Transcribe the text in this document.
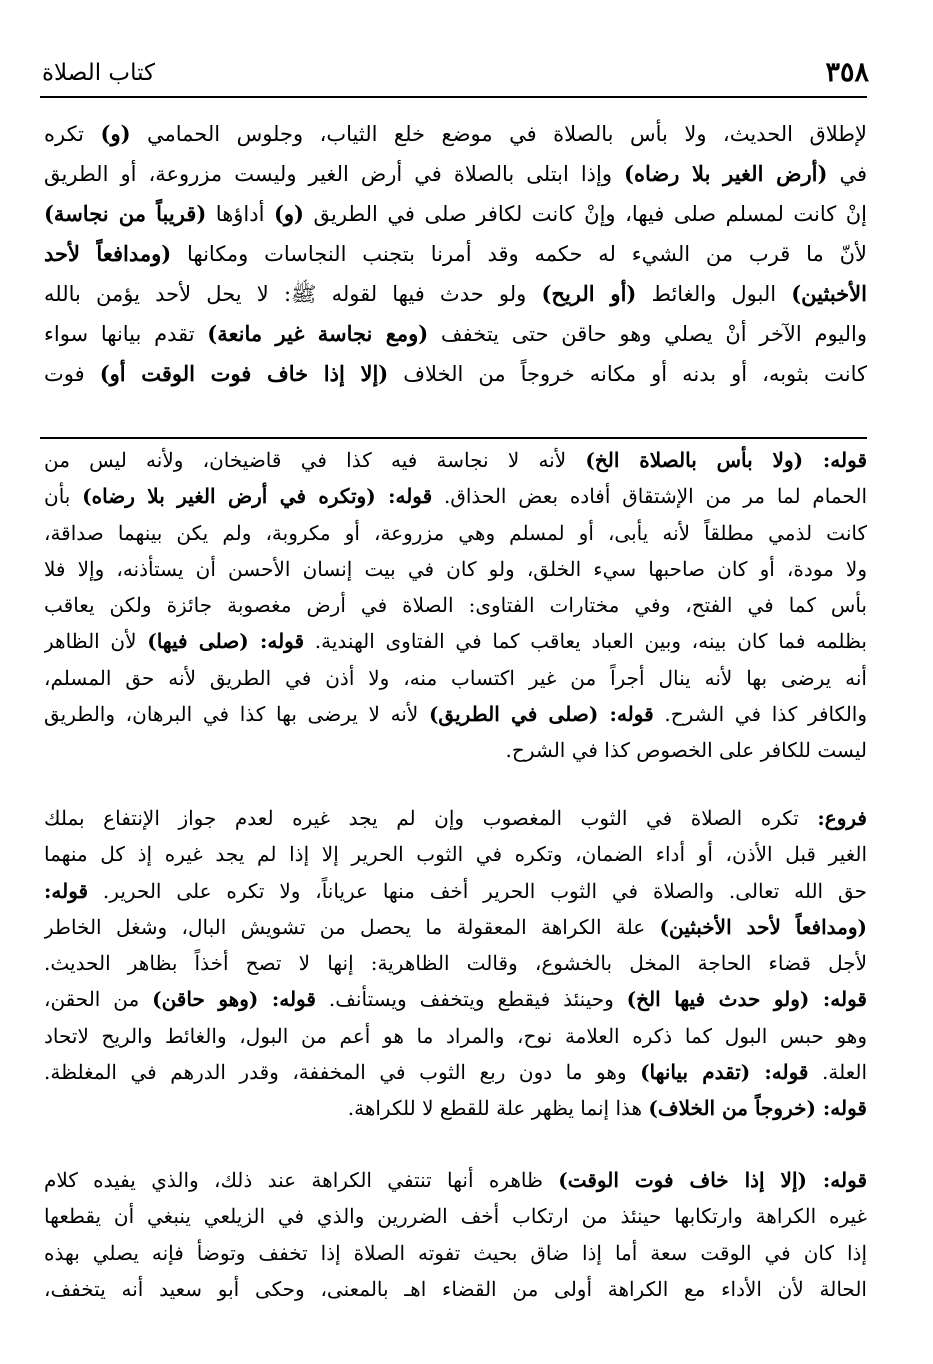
٣٥٨
كتاب الصلاة

لإطلاق الحديث، ولا بأس بالصلاة في موضع خلع الثياب، وجلوس الحمامي (و) تكره

في (أرض الغير بلا رضاه) وإذا ابتلى بالصلاة في أرض الغير وليست مزروعة، أو الطريق

إنْ كانت لمسلم صلى فيها، وإنْ كانت لكافر صلى في الطريق (و) أداؤها (قريباً من نجاسة)

لأنّ ما قرب من الشيء له حكمه وقد أمرنا بتجنب النجاسات ومكانها (ومدافعاً لأحد

الأخبثين) البول والغائط (أو الريح) ولو حدث فيها لقوله ﷺ: لا يحل لأحد يؤمن بالله

واليوم الآخر أنْ يصلي وهو حاقن حتى يتخفف (ومع نجاسة غير مانعة) تقدم بيانها سواء

كانت بثوبه، أو بدنه أو مكانه خروجاً من الخلاف (إلا إذا خاف فوت الوقت أو) فوت

قوله: (ولا بأس بالصلاة الخ) لأنه لا نجاسة فيه كذا في قاضيخان، ولأنه ليس من

الحمام لما مر من الإشتقاق أفاده بعض الحذاق. قوله: (وتكره في أرض الغير بلا رضاه) بأن

كانت لذمي مطلقاً لأنه يأبى، أو لمسلم وهي مزروعة، أو مكروبة، ولم يكن بينهما صداقة،

ولا مودة، أو كان صاحبها سيء الخلق، ولو كان في بيت إنسان الأحسن أن يستأذنه، وإلا فلا

بأس كما في الفتح، وفي مختارات الفتاوى: الصلاة في أرض مغصوبة جائزة ولكن يعاقب

بظلمه فما كان بينه، وبين العباد يعاقب كما في الفتاوى الهندية. قوله: (صلى فيها) لأن الظاهر

أنه يرضى بها لأنه ينال أجراً من غير اكتساب منه، ولا أذن في الطريق لأنه حق المسلم،

والكافر كذا في الشرح. قوله: (صلى في الطريق) لأنه لا يرضى بها كذا في البرهان، والطريق

ليست للكافر على الخصوص كذا في الشرح.

فروع: تكره الصلاة في الثوب المغصوب وإن لم يجد غيره لعدم جواز الإنتفاع بملك

الغير قبل الأذن، أو أداء الضمان، وتكره في الثوب الحرير إلا إذا لم يجد غيره إذ كل منهما

حق الله تعالى. والصلاة في الثوب الحرير أخف منها عرياناً، ولا تكره على الحرير. قوله:

(ومدافعاً لأحد الأخبثين) علة الكراهة المعقولة ما يحصل من تشويش البال، وشغل الخاطر

لأجل قضاء الحاجة المخل بالخشوع، وقالت الظاهرية: إنها لا تصح أخذاً بظاهر الحديث.

قوله: (ولو حدث فيها الخ) وحينئذ فيقطع ويتخفف ويستأنف. قوله: (وهو حاقن) من الحقن،

وهو حبس البول كما ذكره العلامة نوح، والمراد ما هو أعم من البول، والغائط والريح لاتحاد

العلة. قوله: (تقدم بيانها) وهو ما دون ربع الثوب في المخففة، وقدر الدرهم في المغلظة.

قوله: (خروجاً من الخلاف) هذا إنما يظهر علة للقطع لا للكراهة.

قوله: (إلا إذا خاف فوت الوقت) ظاهره أنها تنتفي الكراهة عند ذلك، والذي يفيده كلام

غيره الكراهة وارتكابها حينئذ من ارتكاب أخف الضررين والذي في الزيلعي ينبغي أن يقطعها

إذا كان في الوقت سعة أما إذا ضاق بحيث تفوته الصلاة إذا تخفف وتوضأ فإنه يصلي بهذه

الحالة لأن الأداء مع الكراهة أولى من القضاء اهـ بالمعنى، وحكى أبو سعيد أنه يتخفف،
